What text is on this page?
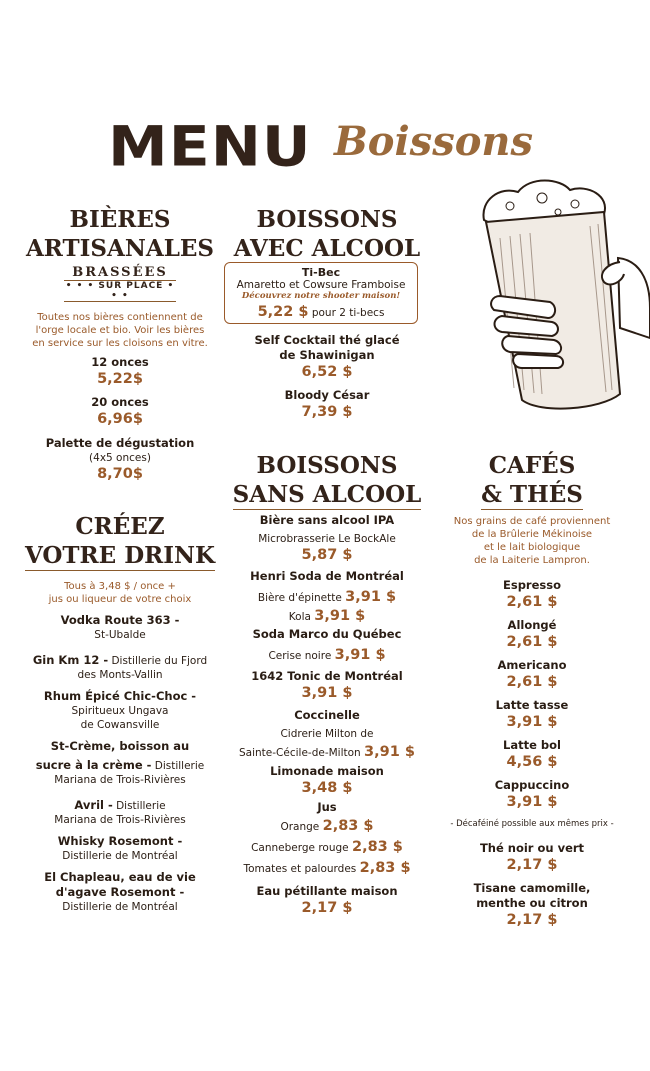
MENU Boissons
BIÈRES
ARTISANALES
BRASSÉES
• • • SUR PLACE • • •
Toutes nos bières contiennent de
l'orge locale et bio. Voir les bières
en service sur les cloisons en vitre.
12 onces
5,22$
20 onces
6,96$
Palette de dégustation
(4x5 onces)
8,70$
CRÉEZ
VOTRE DRINK
Tous à 3,48 $ / once +
jus ou liqueur de votre choix
Vodka Route 363 -
St-Ubalde
Gin Km 12 - Distillerie du Fjord
des Monts-Vallin
Rhum Épicé Chic-Choc -
Spiritueux Ungava
de Cowansville
St-Crème, boisson au
sucre à la crème - Distillerie
Mariana de Trois-Rivières
Avril - Distillerie
Mariana de Trois-Rivières
Whisky Rosemont -
Distillerie de Montréal
El Chapleau, eau de vie
d'agave Rosemont -
Distillerie de Montréal
BOISSONS
AVEC ALCOOL
Ti-Bec
Amaretto et Cowsure Framboise
Découvrez notre shooter maison!
5,22 $ pour 2 ti-becs
Self Cocktail thé glacé
de Shawinigan
6,52 $
Bloody César
7,39 $
BOISSONS
SANS ALCOOL
Bière sans alcool IPA
Microbrasserie Le BockAle
5,87 $
Henri Soda de Montréal
Bière d'épinette 3,91 $
Kola 3,91 $
Soda Marco du Québec
Cerise noire 3,91 $
1642 Tonic de Montréal
3,91 $
Coccinelle
Cidrerie Milton de
Sainte-Cécile-de-Milton 3,91 $
Limonade maison
3,48 $
Jus
Orange 2,83 $
Canneberge rouge 2,83 $
Tomates et palourdes 2,83 $
Eau pétillante maison
2,17 $
CAFÉS
& THÉS
Nos grains de café proviennent
de la Brûlerie Mékinoise
et le lait biologique
de la Laiterie Lampron.
Espresso
2,61 $
Allongé
2,61 $
Americano
2,61 $
Latte tasse
3,91 $
Latte bol
4,56 $
Cappuccino
3,91 $
- Décaféiné possible aux mêmes prix -
Thé noir ou vert
2,17 $
Tisane camomille,
menthe ou citron
2,17 $
